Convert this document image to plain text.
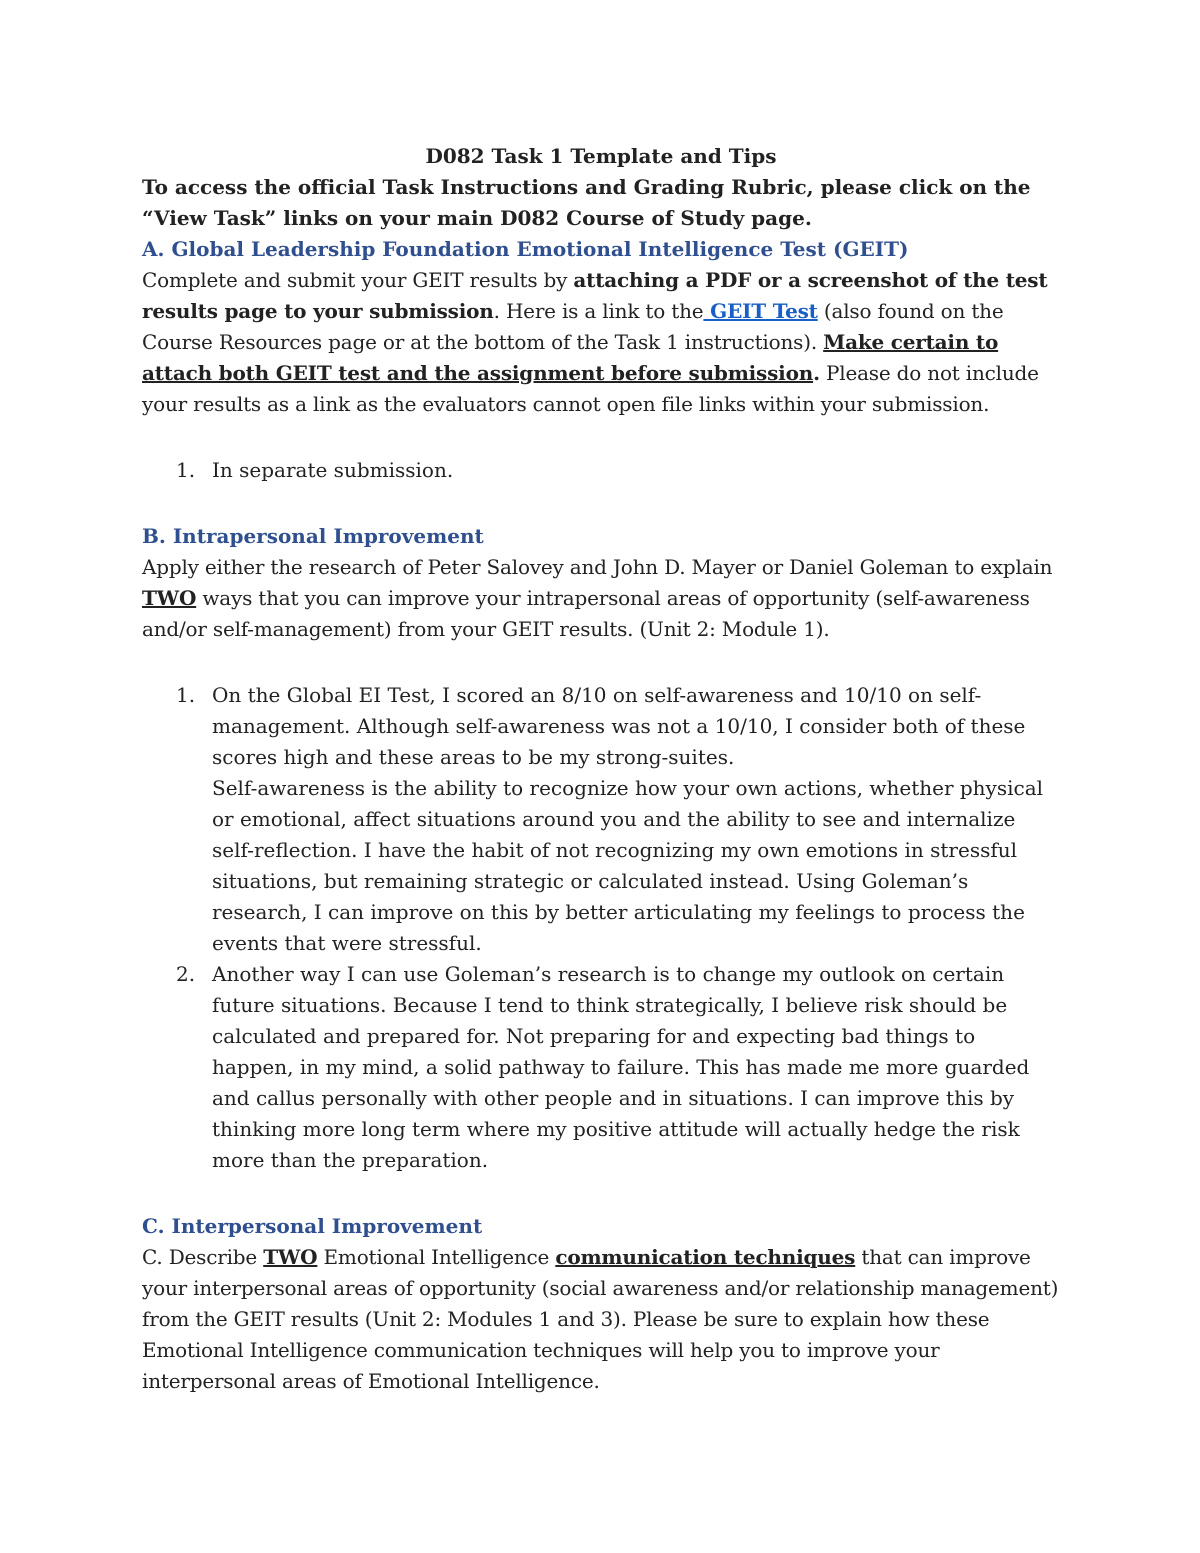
D082 Task 1 Template and Tips

To access the official Task Instructions and Grading Rubric, please click on the “View Task” links on your main D082 Course of Study page.

A. Global Leadership Foundation Emotional Intelligence Test (GEIT)

Complete and submit your GEIT results by attaching a PDF or a screenshot of the test results page to your submission. Here is a link to the GEIT Test (also found on the Course Resources page or at the bottom of the Task 1 instructions). Make certain to attach both GEIT test and the assignment before submission. Please do not include your results as a link as the evaluators cannot open file links within your submission.

1. In separate submission.

B. Intrapersonal Improvement

Apply either the research of Peter Salovey and John D. Mayer or Daniel Goleman to explain TWO ways that you can improve your intrapersonal areas of opportunity (self-awareness and/or self-management) from your GEIT results. (Unit 2: Module 1).

1. On the Global EI Test, I scored an 8/10 on self-awareness and 10/10 on self-management. Although self-awareness was not a 10/10, I consider both of these scores high and these areas to be my strong-suites.

Self-awareness is the ability to recognize how your own actions, whether physical or emotional, affect situations around you and the ability to see and internalize self-reflection. I have the habit of not recognizing my own emotions in stressful situations, but remaining strategic or calculated instead. Using Goleman’s research, I can improve on this by better articulating my feelings to process the events that were stressful.

2. Another way I can use Goleman’s research is to change my outlook on certain future situations. Because I tend to think strategically, I believe risk should be calculated and prepared for. Not preparing for and expecting bad things to happen, in my mind, a solid pathway to failure. This has made me more guarded and callus personally with other people and in situations. I can improve this by thinking more long term where my positive attitude will actually hedge the risk more than the preparation.

C. Interpersonal Improvement

C. Describe TWO Emotional Intelligence communication techniques that can improve your interpersonal areas of opportunity (social awareness and/or relationship management) from the GEIT results (Unit 2: Modules 1 and 3). Please be sure to explain how these Emotional Intelligence communication techniques will help you to improve your interpersonal areas of Emotional Intelligence.
